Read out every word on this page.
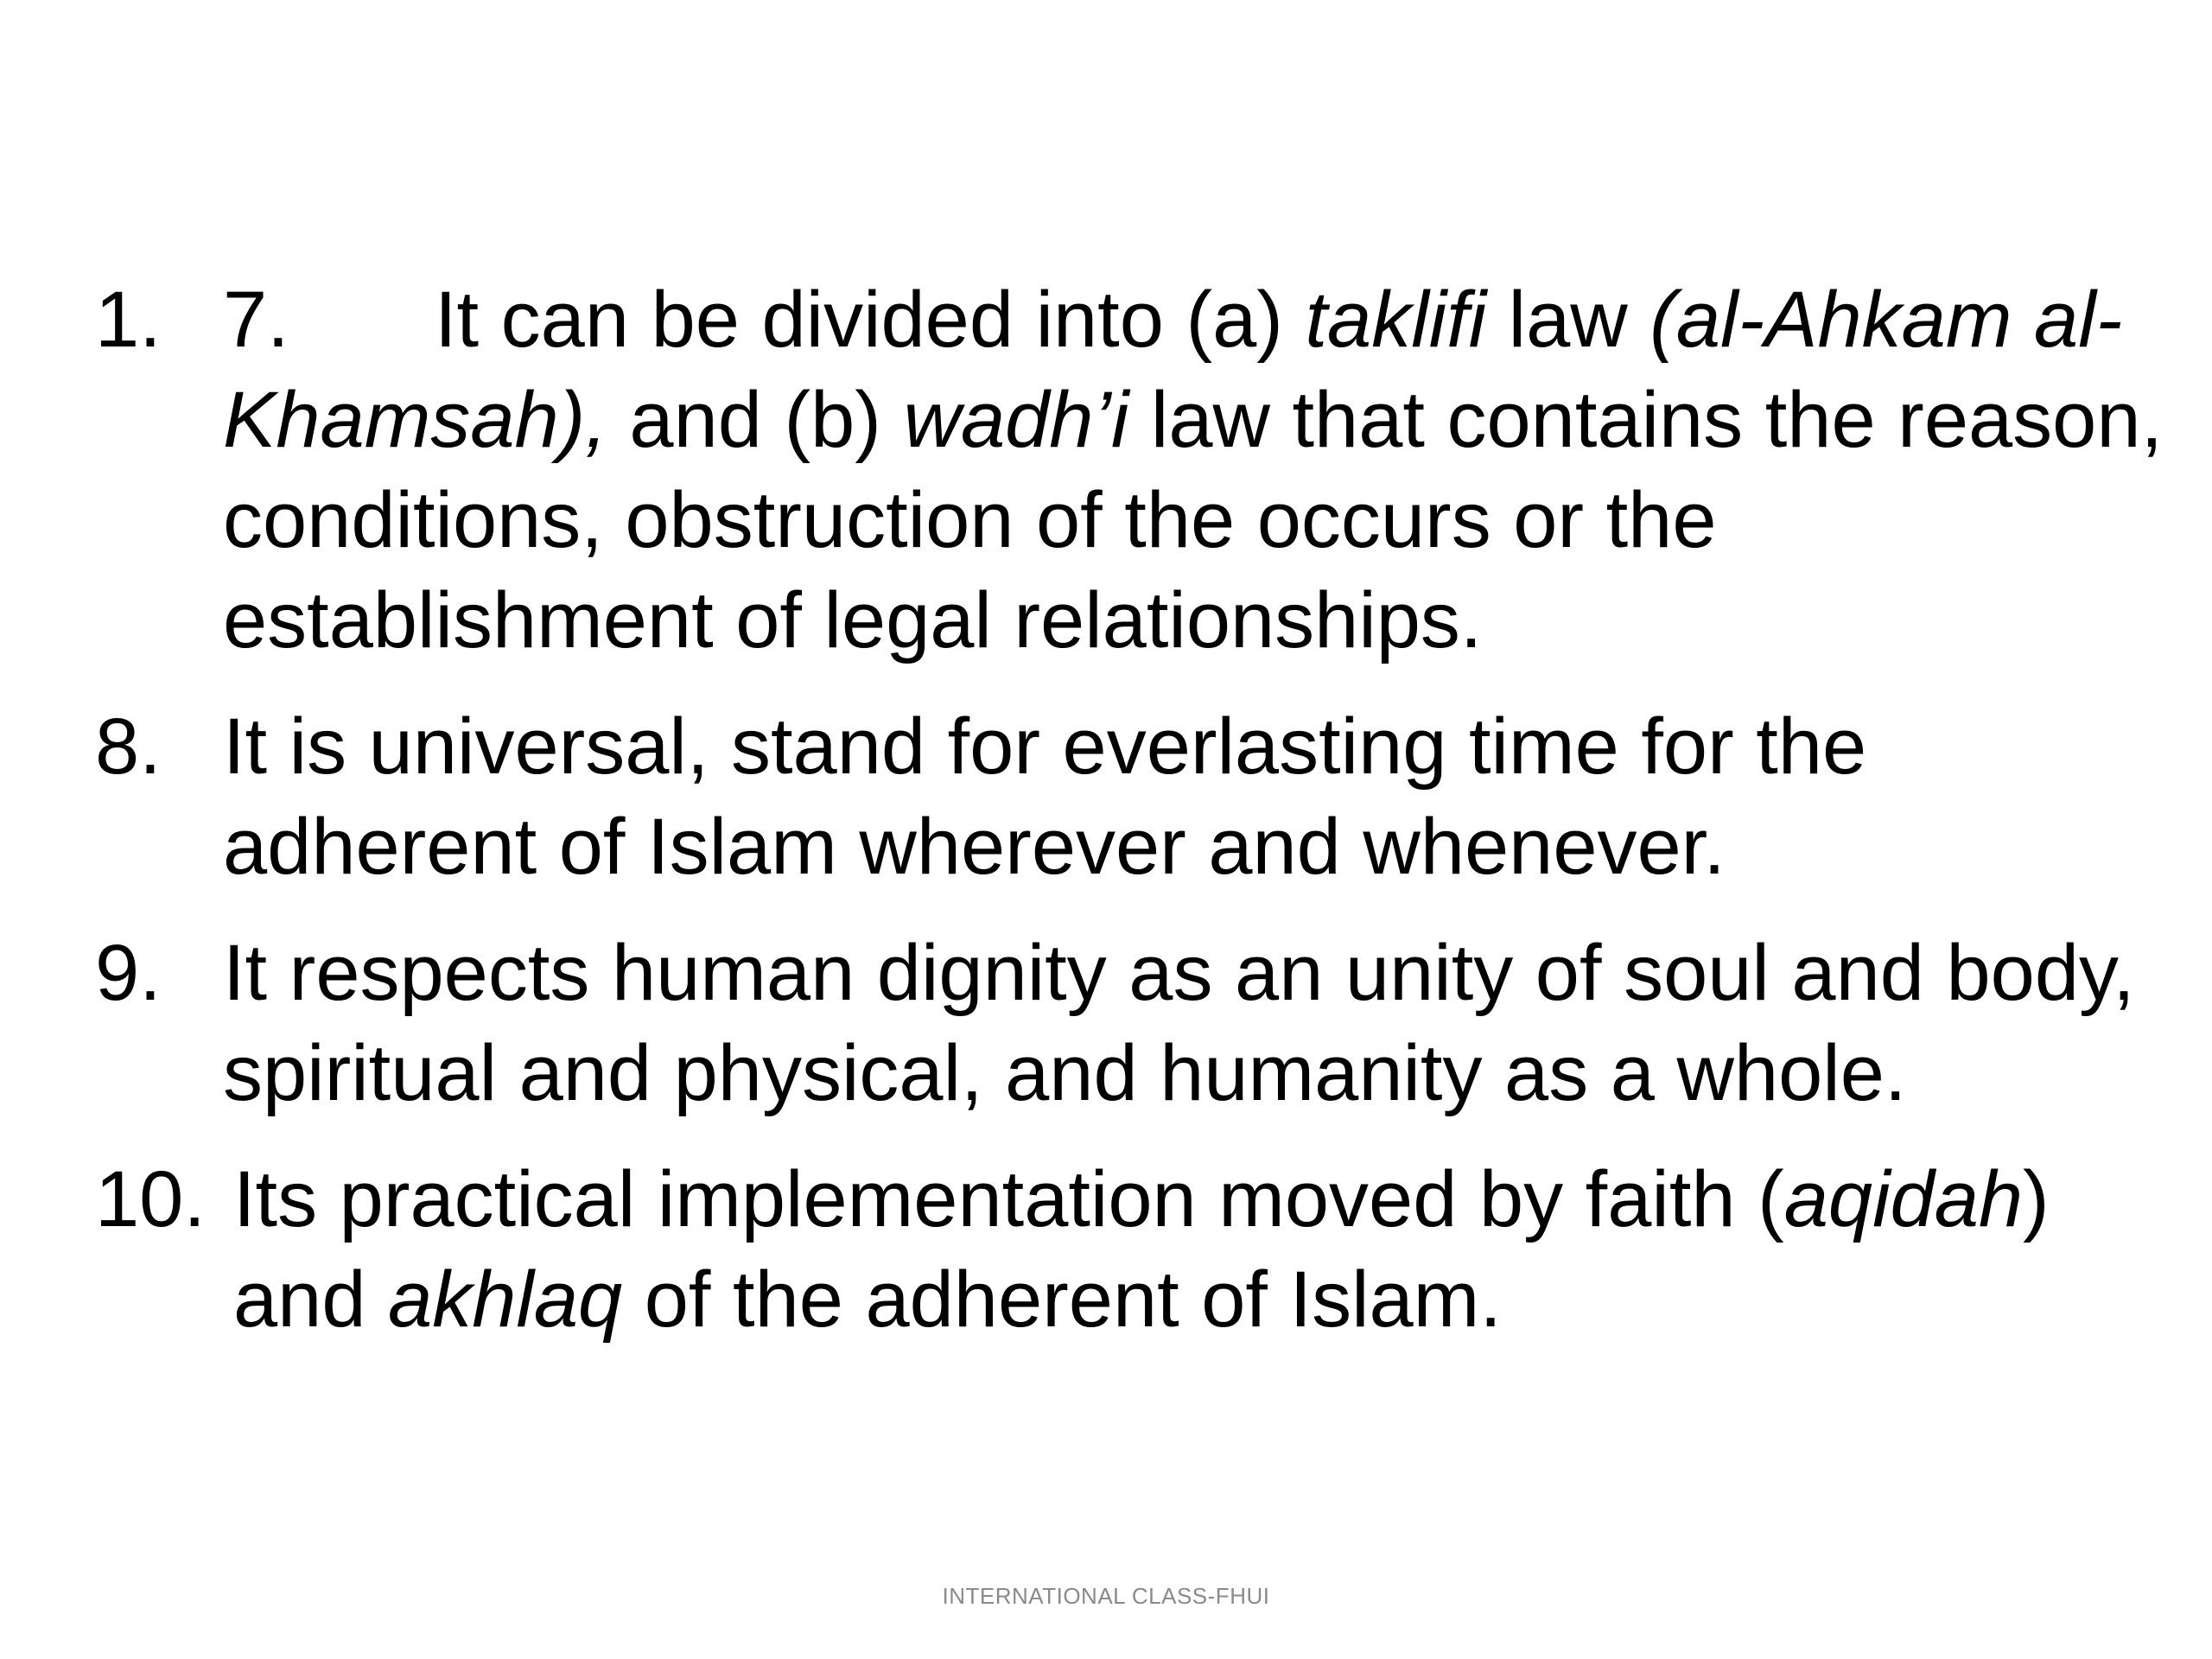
1. 7. It can be divided into (a) taklifi law (al-Ahkam al-Khamsah), and (b) wadh’i law that contains the reason, conditions, obstruction of the occurs or the establishment of legal relationships.
8. It is universal, stand for everlasting time for the adherent of Islam wherever and whenever.
9. It respects human dignity as an unity of soul and body, spiritual and physical, and humanity as a whole.
10. Its practical implementation moved by faith (aqidah) and akhlaq of the adherent of Islam.
INTERNATIONAL CLASS-FHUI
